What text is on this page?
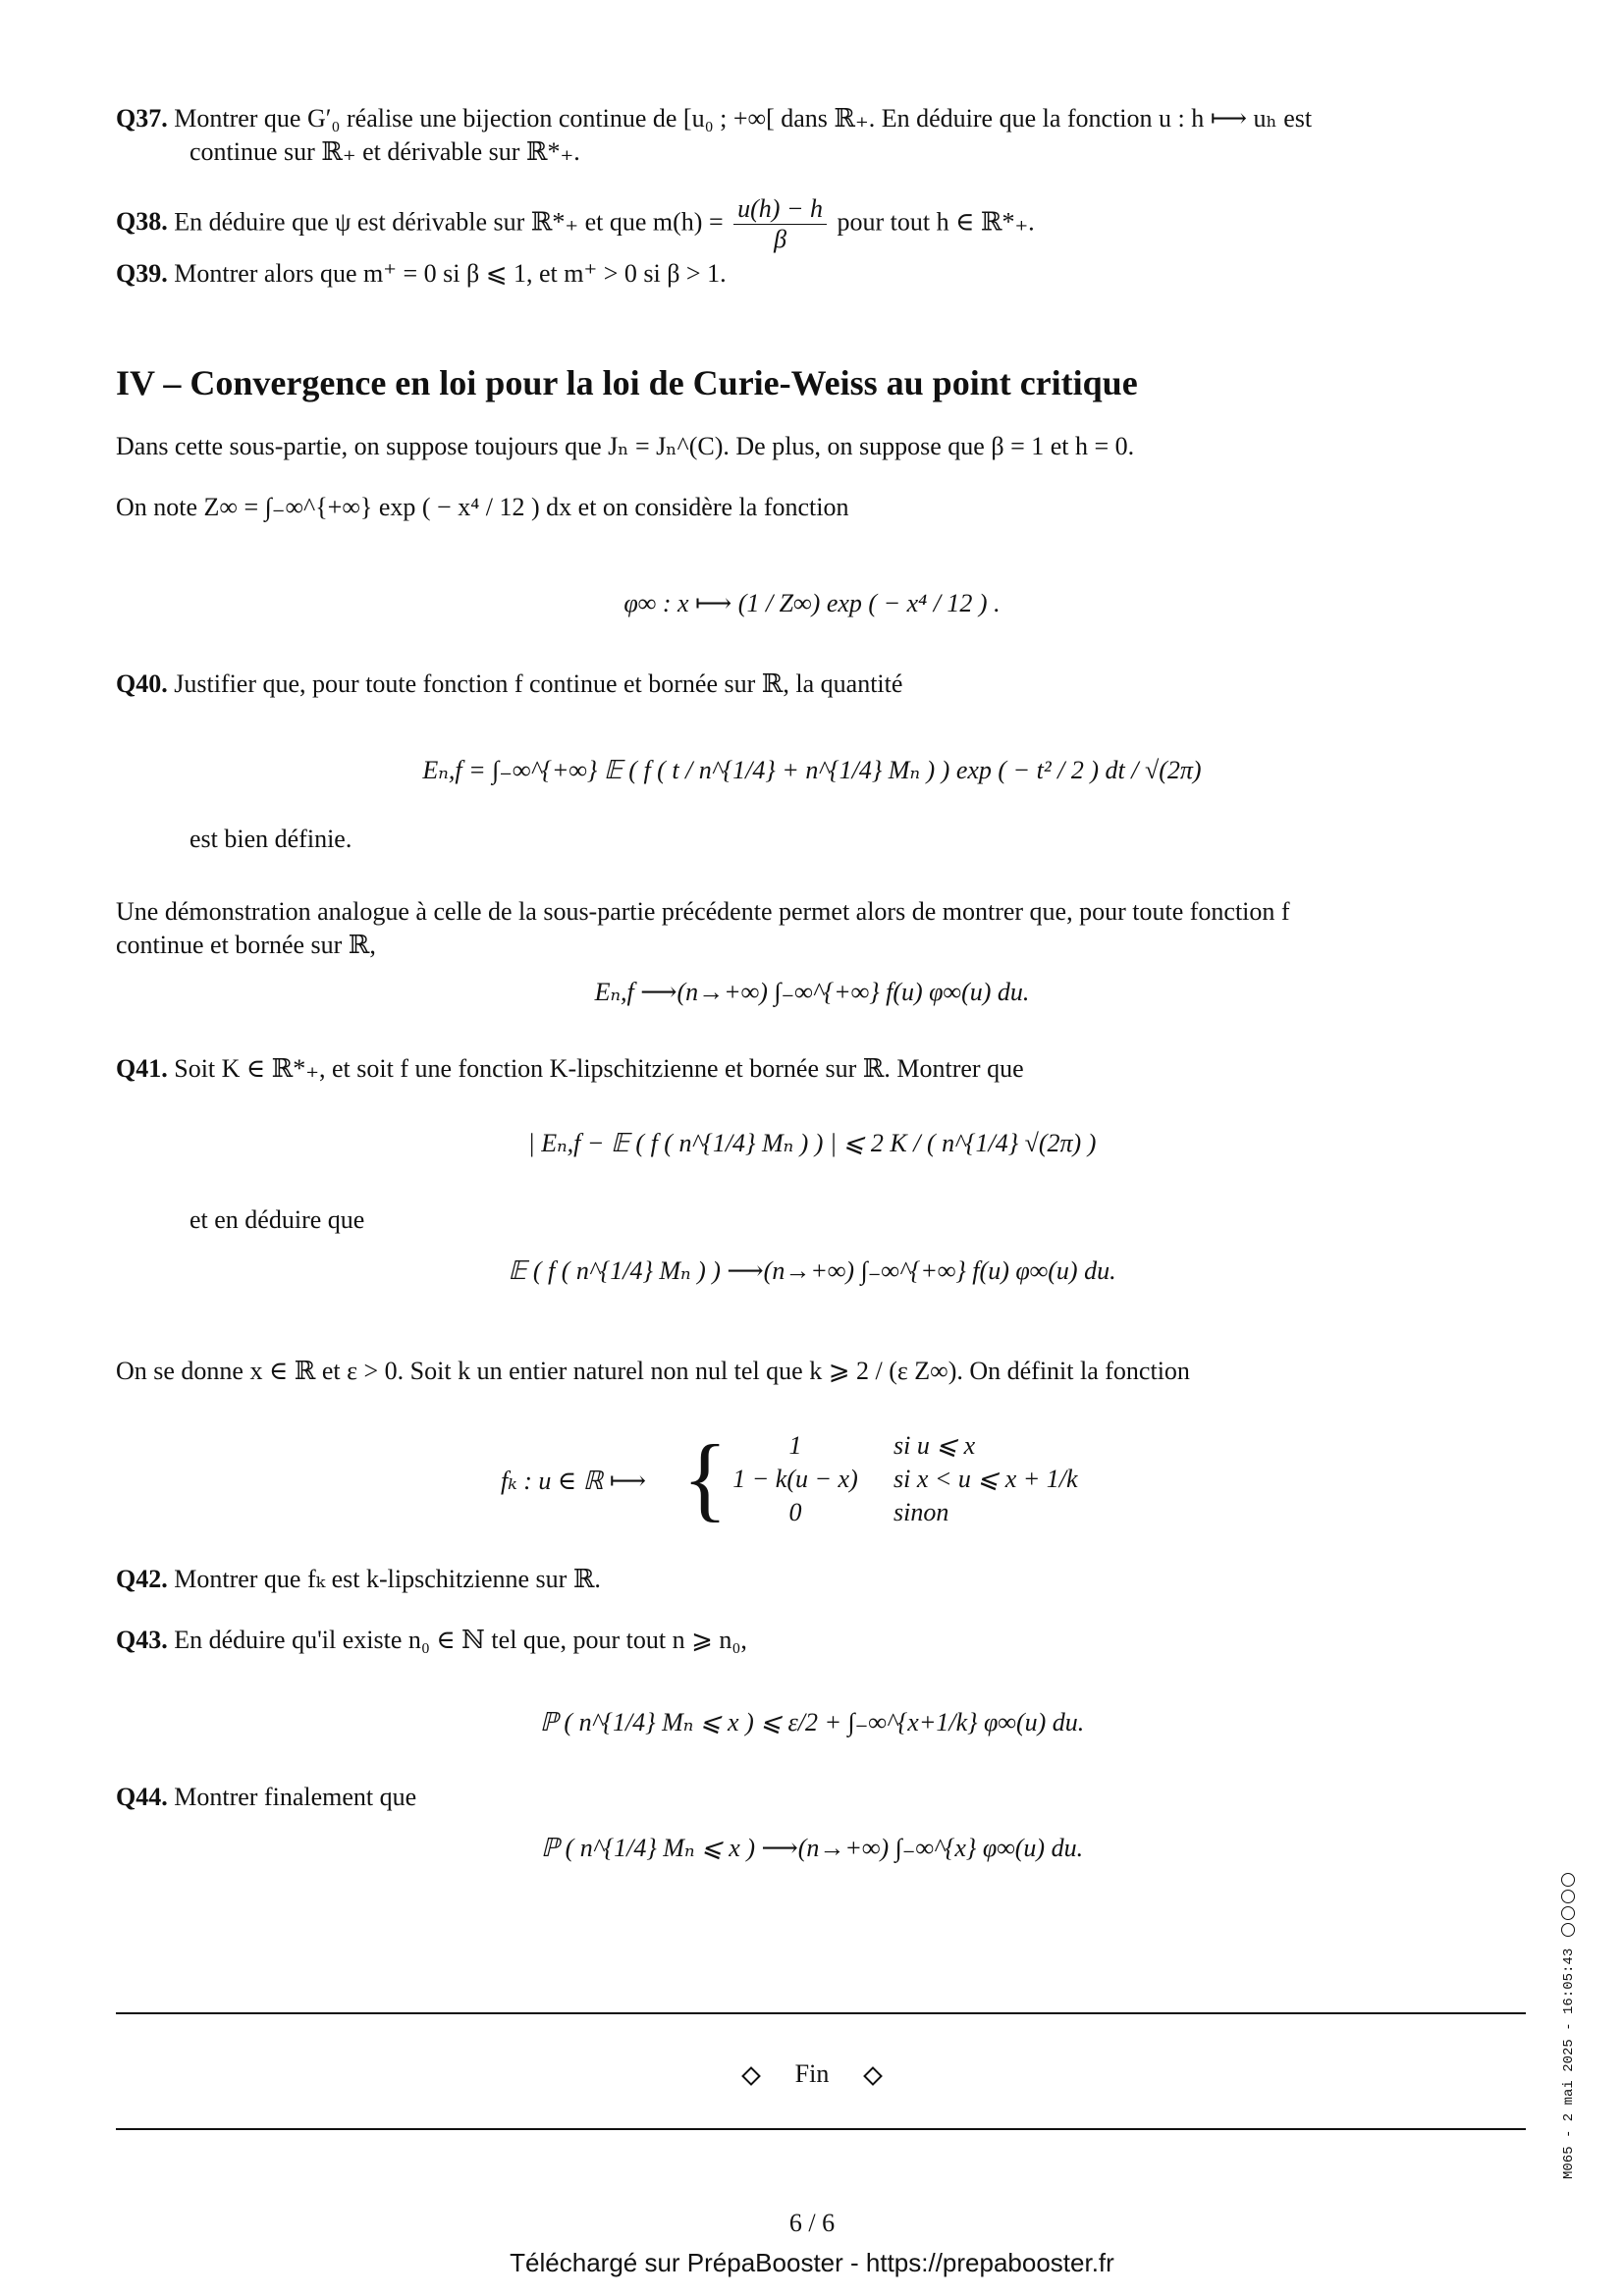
Q37. Montrer que G′₀ réalise une bijection continue de [u₀ ; +∞[ dans ℝ₊. En déduire que la fonction u : h ⟼ uₕ est
continue sur ℝ₊ et dérivable sur ℝ*₊.
Q38. En déduire que ψ est dérivable sur ℝ*₊ et que $m(h) = \frac{u(h) - h}{\beta}$ pour tout h ∈ ℝ*₊.
Q39. Montrer alors que m⁺ = 0 si β ⩽ 1, et m⁺ > 0 si β > 1.
IV – Convergence en loi pour la loi de Curie-Weiss au point critique
Dans cette sous-partie, on suppose toujours que Jₙ = Jₙ^(C). De plus, on suppose que β = 1 et h = 0.
On note Z∞ = ∫₋∞^{+∞} exp ( − x⁴ / 12 ) dx et on considère la fonction
φ∞ : x ⟼ (1 / Z∞) exp ( − x⁴ / 12 ) .
Q40. Justifier que, pour toute fonction f continue et bornée sur ℝ, la quantité
Eₙ,f = ∫₋∞^{+∞} 𝔼 ( f ( t / n^{1/4} + n^{1/4} Mₙ ) ) exp ( − t² / 2 ) dt / √(2π)
est bien définie.
Une démonstration analogue à celle de la sous-partie précédente permet alors de montrer que, pour toute fonction f
continue et bornée sur ℝ,
Eₙ,f ⟶(n→+∞) ∫₋∞^{+∞} f(u) φ∞(u) du.
Q41. Soit K ∈ ℝ*₊, et soit f une fonction K-lipschitzienne et bornée sur ℝ. Montrer que
| Eₙ,f − 𝔼 ( f ( n^{1/4} Mₙ ) ) | ⩽ 2 K / ( n^{1/4} √(2π) )
et en déduire que
𝔼 ( f ( n^{1/4} Mₙ ) ) ⟶(n→+∞) ∫₋∞^{+∞} f(u) φ∞(u) du.
On se donne x ∈ ℝ et ε > 0. Soit k un entier naturel non nul tel que k ⩾ 2 / (ε Z∞). On définit la fonction
fₖ : u ∈ ℝ ⟼ {	1	si u ⩽ x
1 − k(u − x)	si x < u ⩽ x + 1/k
0	sinon
Q42. Montrer que fₖ est k-lipschitzienne sur ℝ.
Q43. En déduire qu'il existe n₀ ∈ ℕ tel que, pour tout n ⩾ n₀,
ℙ ( n^{1/4} Mₙ ⩽ x ) ⩽ ε/2 + ∫₋∞^{x+1/k} φ∞(u) du.
Q44. Montrer finalement que
ℙ ( n^{1/4} Mₙ ⩽ x ) ⟶(n→+∞) ∫₋∞^{x} φ∞(u) du.
Fin
6 / 6
Téléchargé sur PrépaBooster - https://prepabooster.fr
M065 - 2 mai 2025 - 16:05:43
